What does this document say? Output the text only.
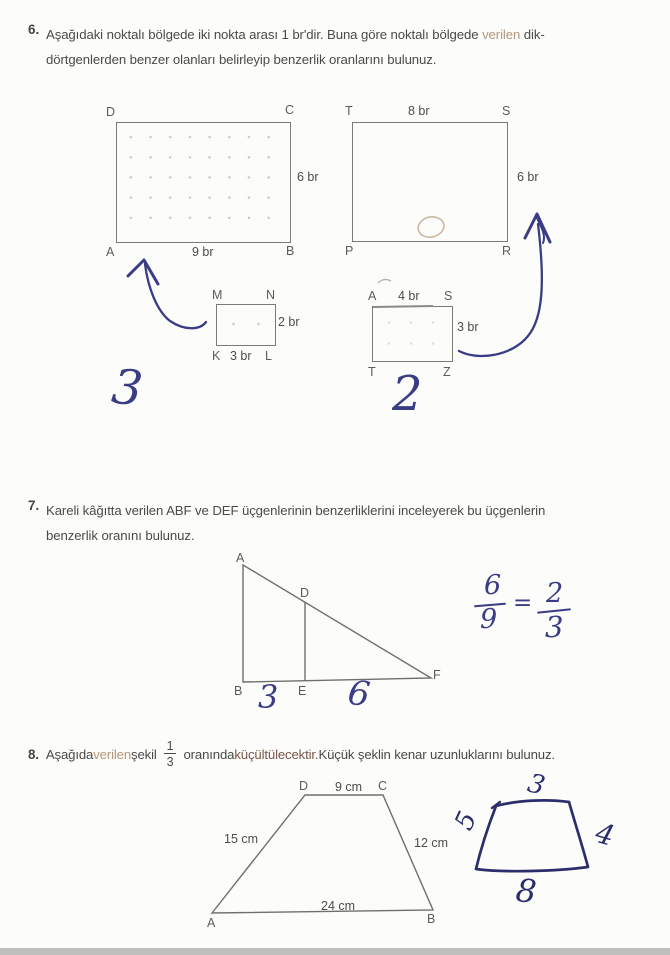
6. Aşağıdaki noktalı bölgede iki nokta arası 1 br'dir. Buna göre noktalı bölgede verilen dik-
dörtgenlerden benzer olanları belirleyip benzerlik oranlarını bulunuz.
D	C
A	B
9 br
6 br
T	S
P	R
8 br
6 br
M	N
K	L
3 br
2 br
A	S
T	Z
4 br
3 br
3	2
7. Kareli kâğıtta verilen ABF ve DEF üçgenlerinin benzerliklerini inceleyerek bu üçgenlerin
benzerlik oranını bulunuz.
A
B	E
F
D
3 6
6
9
= 2
3
8. Aşağıda verilen şekil $\frac{1}{3}$ oranında küçültülecektir. Küçük şeklin kenar uzunluklarını bulunuz.
D	C
A	B
9 cm
15 cm	12 cm
24 cm
3
5	4
8
